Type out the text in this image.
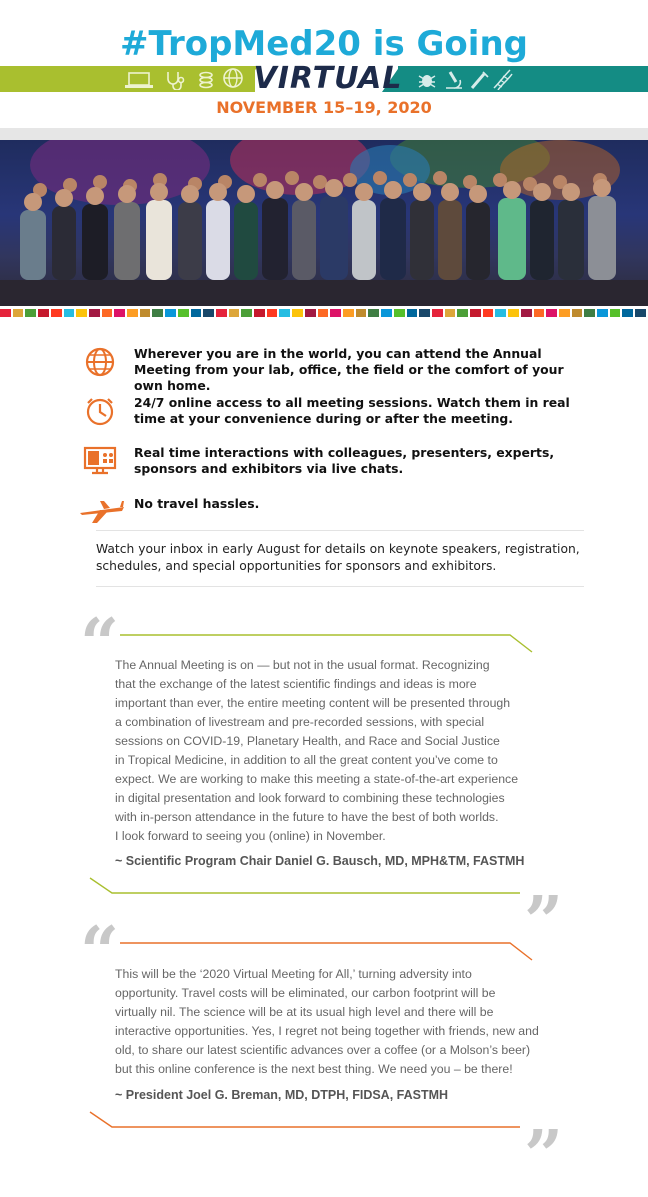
#TropMed20 is Going
VIRTUAL
NOVEMBER 15–19, 2020
Wherever you are in the world, you can attend the Annual Meeting from your lab, office, the field or the comfort of your own home.
24/7 online access to all meeting sessions. Watch them in real time at your convenience during or after the meeting.
Real time interactions with colleagues, presenters, experts, sponsors and exhibitors via live chats.
No travel hassles.
Watch your inbox in early August for details on keynote speakers, registration, schedules, and special opportunities for sponsors and exhibitors.
“
The Annual Meeting is on — but not in the usual format. Recognizing
that the exchange of the latest scientific findings and ideas is more
important than ever, the entire meeting content will be presented through
a combination of livestream and pre-recorded sessions, with special
sessions on COVID-19, Planetary Health, and Race and Social Justice
in Tropical Medicine, in addition to all the great content you’ve come to
expect. We are working to make this meeting a state-of-the-art experience
in digital presentation and look forward to combining these technologies
with in-person attendance in the future to have the best of both worlds.
I look forward to seeing you (online) in November.
~ Scientific Program Chair Daniel G. Bausch, MD, MPH&TM, FASTMH
”
“
This will be the ‘2020 Virtual Meeting for All,’ turning adversity into
opportunity. Travel costs will be eliminated, our carbon footprint will be
virtually nil. The science will be at its usual high level and there will be
interactive opportunities. Yes, I regret not being together with friends, new and
old, to share our latest scientific advances over a coffee (or a Molson’s beer)
but this online conference is the next best thing. We need you – be there!
~ President Joel G. Breman, MD, DTPH, FIDSA, FASTMH
”
